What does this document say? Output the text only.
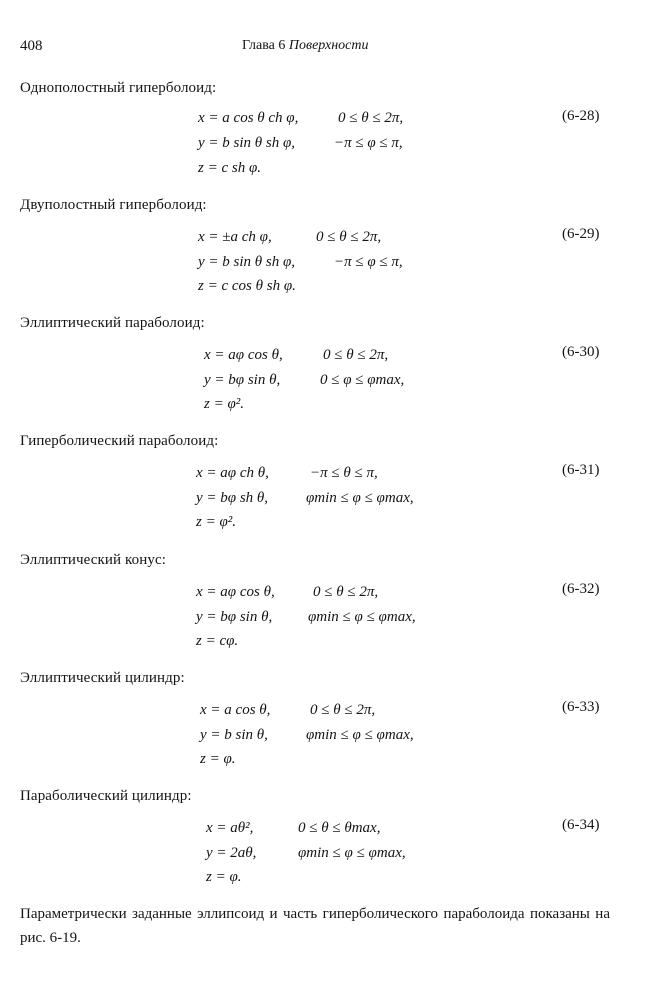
408	Глава 6 Поверхности
Однополостный гиперболоид:
x = a cos θ ch φ,	0 ≤ θ ≤ 2π,	(6-28)
y = b sin θ sh φ,	−π ≤ φ ≤ π,
z = c sh φ.
Двуполостный гиперболоид:
x = ±a ch φ,	0 ≤ θ ≤ 2π,	(6-29)
y = b sin θ sh φ,	−π ≤ φ ≤ π,
z = c cos θ sh φ.
Эллиптический параболоид:
x = aφ cos θ,	0 ≤ θ ≤ 2π,	(6-30)
y = bφ sin θ,	0 ≤ φ ≤ φmax,
z = φ².
Гиперболический параболоид:
x = aφ ch θ,	−π ≤ θ ≤ π,	(6-31)
y = bφ sh θ,	φmin ≤ φ ≤ φmax,
z = φ².
Эллиптический конус:
x = aφ cos θ,	0 ≤ θ ≤ 2π,	(6-32)
y = bφ sin θ, φmin ≤ φ ≤ φmax,
z = cφ.
Эллиптический цилиндр:
x = a cos θ,	0 ≤ θ ≤ 2π,	(6-33)
y = b sin θ,	φmin ≤ φ ≤ φmax,
z = φ.
Параболический цилиндр:
x = aθ²,	0 ≤ θ ≤ θmax,	(6-34)
y = 2aθ,	φmin ≤ φ ≤ φmax,
z = φ.
Параметрически заданные эллипсоид и часть гиперболического параболоида показаны на рис. 6-19.
